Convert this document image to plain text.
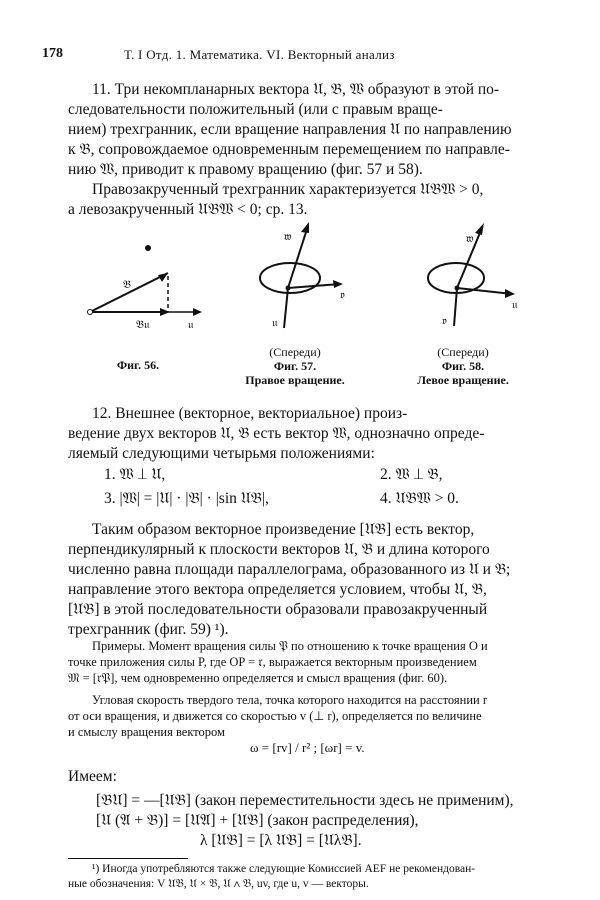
178	Т. I Отд. 1. Математика. VI. Векторный анализ
11. Три некомпланарных вектора 𝔘, 𝔅, 𝔚 образуют в этой по-
следовательности положительный (или с правым враще-
нием) трехгранник, если вращение направления 𝔘 по направлению
к 𝔅, сопровождаемое одновременным перемещением по направле-
нию 𝔚, приводит к правому вращению (фиг. 57 и 58).
Правозакрученный трехгранник характеризуется 𝔘𝔅𝔚 > 0,
а левозакрученный 𝔘𝔅𝔚 < 0; ср. 13.
𝔅
𝔅𝔲	𝔲
𝔴
𝔳
𝔲
𝔴
𝔲
𝔳
Фиг. 56.
(Спереди)
Фиг. 57.
Правое вращение.
(Спереди)
Фиг. 58.
Левое вращение.
12. Внешнее (векторное, векториальное) произ-
ведение двух векторов 𝔘, 𝔅 есть вектор 𝔚, однозначно опреде-
ляемый следующими четырьмя положениями:
1. 𝔚 ⊥ 𝔘,	2. 𝔚 ⊥ 𝔅,
3. |𝔚| = |𝔘| · |𝔅| · |sin 𝔘𝔅|,	4. 𝔘𝔅𝔚 > 0.
Таким образом векторное произведение [𝔘𝔅] есть вектор,
перпендикулярный к плоскости векторов 𝔘, 𝔅 и длина которого
численно равна площади параллелограма, образованного из 𝔘 и 𝔅;
направление этого вектора определяется условием, чтобы 𝔘, 𝔅,
[𝔘𝔅] в этой последовательности образовали правозакрученный
трехгранник (фиг. 59) ¹).
Примеры. Момент вращения силы 𝔓 по отношению к точке вращения O и
точке приложения силы P, где OP = 𝔯, выражается векторным произведением
𝔐 = [𝔯𝔓], чем одновременно определяется и смысл вращения (фиг. 60).
Угловая скорость твердого тела, точка которого находится на расстоянии r
от оси вращения, и движется со скоростью v (⊥ r), определяется по величине
и смыслу вращения вектором
ω = [rv] / r² ; [ωr] = v.
Имеем:
[𝔅𝔘] = —[𝔘𝔅] (закон переместительности здесь не применим),
[𝔘 (𝔄 + 𝔅)] = [𝔘𝔄] + [𝔘𝔅] (закон распределения),
λ [𝔘𝔅] = [λ 𝔘𝔅] = [𝔘λ𝔅].
¹) Иногда употребляются также следующие Комиссией AEF не рекомендован-
ные обозначения: V 𝔘𝔅, 𝔘 × 𝔅, 𝔘 ∧ 𝔅, uv, где u, v — векторы.
